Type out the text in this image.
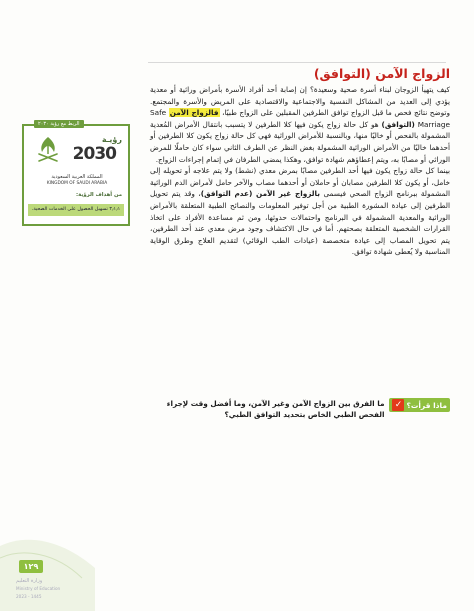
الزواج الآمن (التوافق)

كيف يتهيأ الزوجان لبناء أسرة صحية وسعيدة؟ إن إصابة أحد أفراد الأسرة بأمراض وراثية أو معدية يؤدي إلى العديد من المشاكل النفسية والاجتماعية والاقتصادية على المريض والأسرة والمجتمع. وتوضح نتائج فحص ما قبل الزواج توافق الطرفين المقبلين على الزواج طبيًا، فالزواج الآمن Safe Marriage (التوافق) هو كل حالة زواج يكون فيها كلا الطرفين لا يتسبب بانتقال الأمراض المُعدية المشمولة بالفحص أو خاليًا منها، وبالنسبة للأمراض الوراثية فهي كل حالة زواج يكون كلا الطرفين أو أحدهما خاليًا من الأمراض الوراثية المشمولة بغض النظر عن الطرف الثاني سواء كان حاملًا للمرض الوراثي أو مصابًا به، ويتم إعطاؤهم شهادة توافق، وهكذا يمضي الطرفان في إتمام إجراءات الزواج.

بينما كل حالة زواج يكون فيها أحد الطرفين مصابًا بمرض معدي (نشط) ولا يتم علاجه أو تحويله إلى خامل، أو يكون كلا الطرفين مصابان أو حاملان أو أحدهما مصاب والآخر حامل لأمراض الدم الوراثية المشمولة ببرنامج الزواج الصحي فيسمى بالزواج غير الآمن (عدم التوافق)، وقد يتم تحويل الطرفين إلى عيادة المشورة الطبية من أجل توفير المعلومات والنصائح الطبية المتعلقة بالأمراض الوراثية والمعدية المشمولة في البرنامج واحتمالات حدوثها، ومن ثم مساعدة الأفراد على اتخاذ القرارات الشخصية المتعلقة بصحتهم. أما في حال الاكتشاف وجود مرض معدي عند أحد الطرفين، يتم تحويل المصاب إلى عيادة متخصصة (عيادات الطب الوقائي) لتقديم العلاج وطرق الوقاية المناسبة ولا يُعطى شهادة توافق.

ماذا قرأت؟
✓
ما الفرق بين الزواج الآمن وغير الآمن، وما أفضل وقت لإجراء الفحص الطبي الخاص بتحديد التوافق الطبي؟
الربط مع رؤية ٢٠٣٠
رؤيـة
2030
المملكة العربية السعودية
KINGDOM OF SAUDI ARABIA
من أهداف الرؤية:
٣٫١٫١ تسهيل الحصول على الخدمات الصحية.
١٢٩
وزارة التعليم
Ministry of Education
2023 - 1445
